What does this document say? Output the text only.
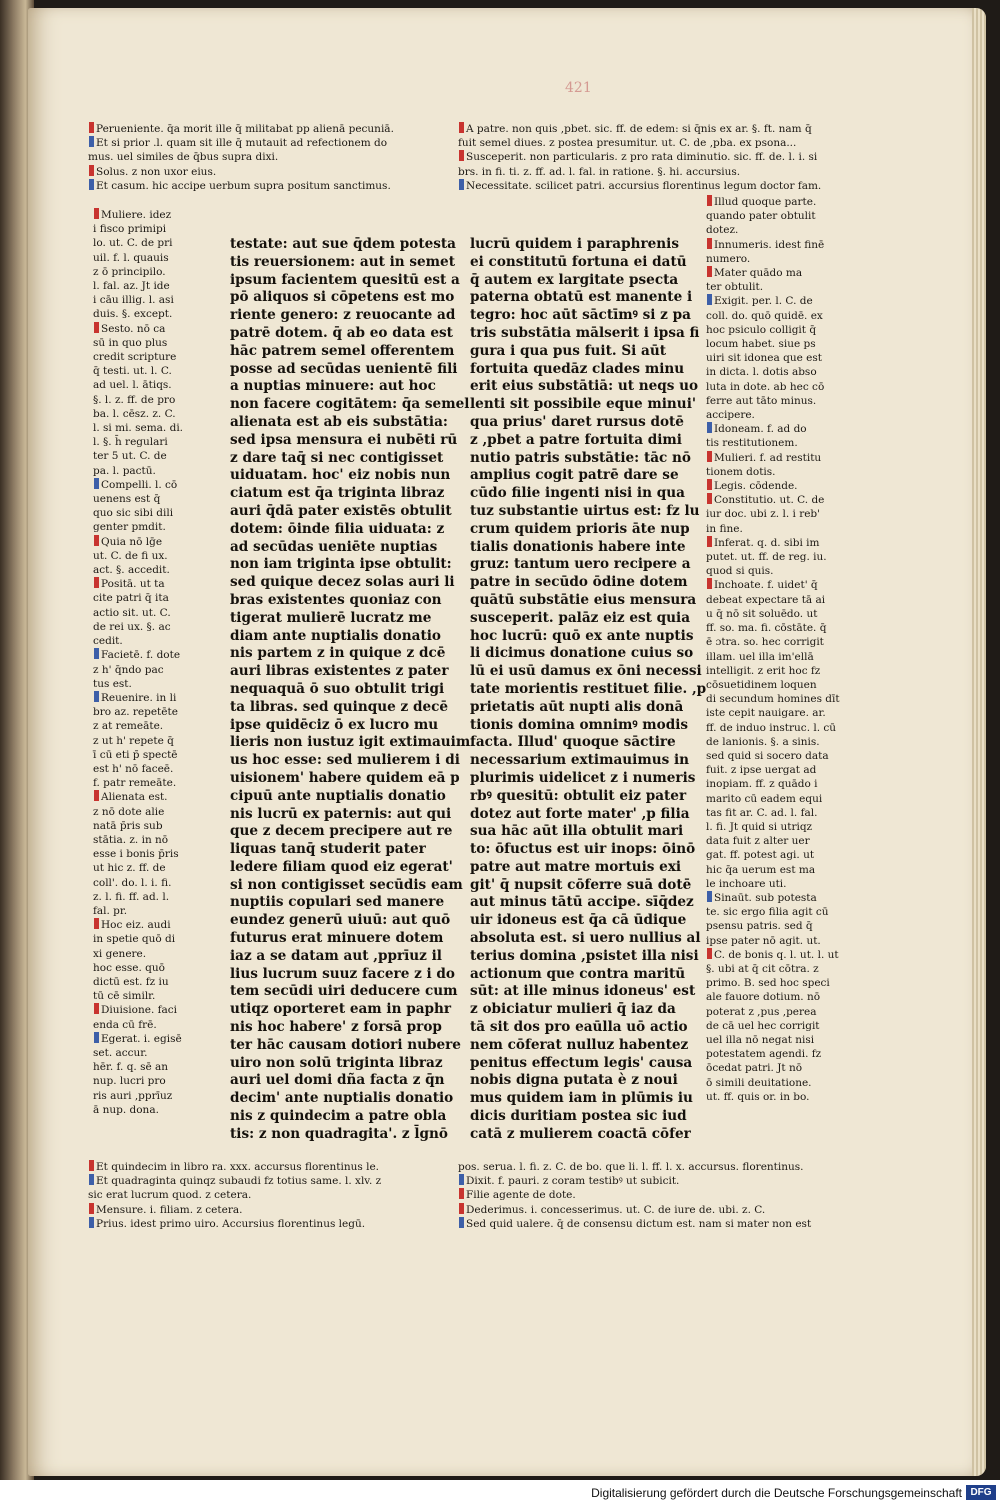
421

Perueniente. q̄a morit ille q̄ militabat pp alienā pecuniā.

Et si prior .l. quam sit ille q̄ mutauit ad refectionem do

mus. uel similes de q̄bus supra dixi.

Solus. z non uxor eius.

Et casum. hic accipe uerbum supra positum sanctimus.

A patre. non quis ,pbet. sic. ff. de edem: si q̄nis ex ar. §. ft. nam q̄

fuit semel diues. z postea presumitur. ut. C. de ,pba. ex psona...

Susceperit. non particularis. z pro rata diminutio. sic. ff. de. l. i. si

brs. in fi. ti. z. ff. ad. l. fal. in ratione. §. hi. accursius.

Necessitate. scilicet patri. accursius florentinus legum doctor fam.

Muliere. idez

i fisco primipi

lo. ut. C. de pri

uil. f. l. quauis

z ō principilo.

l. fal. az. Jt ide

i cāu illig. l. asi

duis. §. except.

Sesto. nō ca

sū in quo plus

credit scripture

q̄ testi. ut. l. C.

ad uel. l. ātiqs.

§. l. z. ff. de pro

ba. l. cēsz. z. C.

l. si mi. sema. di.

l. §. h̄ regulari

ter 5 ut. C. de

pa. l. pactū.

Compelli. l. cō

uenens est q̄

quo sic sibi dili

genter pmdit.

Quia nō lḡe

ut. C. de fi ux.

act. §. accedit.

Positā. ut ta

cite patri q̄ ita

actio sit. ut. C.

de rei ux. §. ac

cedit.

Facietē. f. dote

z h' q̄ndo pac

tus est.

Reuenire. in li

bro az. repetēte

z at remeāte.

z ut h' repete q̄

ī cū eti p̄ spectē

est h' nō faceē.

f. patr remeāte.

Alienata est.

z nō dote alie

natā p̄ris sub

stātia. z. in nō

esse i bonis p̄ris

ut hic z. ff. de

coll'. do. l. i. fi.

z. l. fi. ff. ad. l.

fal. pr.

Hoc eiz. audi

in spetie quō di

xi genere.

hoc esse. quō

dictū est. fz iu

tū cē similr.

Diuisione. faci

enda cū frē.

Egerat. i. egisē

set. accur.

hēr. f. q. sē an

nup. lucri pro

ris auri ,pprīuz

ā nup. dona.

testate: aut sue q̄dem potesta

tis reuersionem: aut in semet

ipsum facientem quesitū est a

pō aliquos si cōpetens est mo

riente genero: z reuocante ad

patrē dotem. q̄ ab eo data est

hāc patrem semel offerentem

posse ad secūdas uenientē fili

a nuptias minuere: aut hoc

non facere cogitātem: q̄a semel

alienata est ab eis substātia:

sed ipsa mensura ei nubēti rū

z dare taq̄ si nec contigisset

uiduatam. hoc' eiz nobis nun

ciatum est q̄a triginta libraz

auri q̄dā pater existēs obtulit

dotem: ōinde filia uiduata: z

ad secūdas ueniēte nuptias

non iam triginta ipse obtulit:

sed quique decez solas auri li

bras existentes quoniaz con

tigerat mulierē lucratz me

diam ante nuptialis donatio

nis partem z in quique z dcē

auri libras existentes z pater

nequaquā ō suo obtulit trigi

ta libras. sed quinque z decē

ipse quidēciz ō ex lucro mu

lieris non iustuz igit extimauim

us hoc esse: sed mulierem i di

uisionem' habere quidem eā p

cipuū ante nuptialis donatio

nis lucrū ex paternis: aut qui

que z decem precipere aut re

liquas tanq̄ studerit pater

ledere filiam quod eiz egerat'

si non contigisset secūdis eam

nuptiis copulari sed manere

eundez generū uiuū: aut quō

futurus erat minuere dotem

iaz a se datam aut ,pprīuz il

lius lucrum suuz facere z i do

tem secūdi uiri deducere cum

utiqz oporteret eam in paphr

nis hoc habere' z forsā prop

ter hāc causam dotiori nubere

uiro non solū triginta libraz

auri uel domi dña facta z q̄n

decim' ante nuptialis donatio

nis z quindecim a patre obla

tis: z non quadragita'. z l̄gnō

lucrū quidem i paraphrenis

ei constitutū fortuna ei datū

q̄ autem ex largitate psecta

paterna obtatū est manente i

tegro: hoc aūt sāctīmꝰ si z pa

tris substātia mālserit i ipsa fi

gura i qua pus fuit. Si aūt

fortuita quedāz clades minu

erit eius substātiā: ut neqs uo

lenti sit possibile eque minui'

qua prius' daret rursus dotē

z ,pbet a patre fortuita dimi

nutio patris substātie: tāc nō

amplius cogit patrē dare se

cūdo filie ingenti nisi in qua

tuz substantie uirtus est: fz lu

crum quidem prioris āte nup

tialis donationis habere inte

gruz: tantum uero recipere a

patre in secūdo ōdine dotem

quātū substātie eius mensura

susceperit. palāz eiz est quia

hoc lucrū: quō ex ante nuptis

li dicimus donatione cuius so

lū ei usū damus ex ōni necessi

tate morientis restituet filie. ,p

prietatis aūt nupti alis donā

tionis domina omnimꝰ modis

facta. Illud' quoque sāctire

necessarium extimauimus in

plurimis uidelicet z i numeris

rbꝰ quesitū: obtulit eiz pater

dotez aut forte mater' ,p filia

sua hāc aūt illa obtulit mari

to: ōfuctus est uir inops: ōinō

patre aut matre mortuis exi

git' q̄ nupsit cōferre suā dotē

aut minus tātū accipe. sīq̄dez

uir idoneus est q̄a cā ūdique

absoluta est. si uero nullius al

terius domina ,psistet illa nisi

actionum que contra maritū

sūt: at ille minus idoneus' est

z obiciatur mulieri q̄ iaz da

tā sit dos pro eaūlla uō actio

nem cōferat nulluz habentez

penitus effectum legis' causa

nobis digna putata è z noui

mus quidem iam in plūmis iu

dicis duritiam postea sic iud

catā z mulierem coactā cōfer

Illud quoque parte.

quando pater obtulit

dotez.

Innumeris. idest finē

numero.

Mater quādo ma

ter obtulit.

Exigit. per. l. C. de

coll. do. quō quidē. ex

hoc psiculo colligit q̄

locum habet. siue ps

uiri sit idonea que est

in dicta. l. dotis abso

luta in dote. ab hec cō

ferre aut tāto minus.

accipere.

Idoneam. f. ad do

tis restitutionem.

Mulieri. f. ad restitu

tionem dotis.

Legis. cōdende.

Constitutio. ut. C. de

iur doc. ubi z. l. i reb'

in fine.

Inferat. q. d. sibi im

putet. ut. ff. de reg. iu.

quod si quis.

Inchoate. f. uidet' q̄

debeat expectare tā ai

u q̄ nō sit soluēdo. ut

ff. so. ma. fi. cōstāte. q̄

ē ɔtra. so. hec corrigit

illam. uel illa im'ellā

intelligit. z erit hoc fz

cōsuetidinem loquen

di secundum homines dīt

iste cepit nauigare. ar.

ff. de induo instruc. l. cū

de lanionis. §. a sinis.

sed quid si socero data

fuit. z ipse uergat ad

inopiam. ff. z quādo i

marito cū eadem equi

tas fit ar. C. ad. l. fal.

l. fi. Jt quid si utriqz

data fuit z alter uer

gat. ff. potest agi. ut

hic q̄a uerum est ma

le inchoare uti.

Sinaūt. sub potesta

te. sic ergo filia agit cū

psensu patris. sed q̄

ipse pater nō agit. ut.

C. de bonis q. l. ut. l. ut

§. ubi at q̄ cit cōtra. z

primo. B. sed hoc speci

ale fauore dotium. nō

poterat z ,pus ,perea

de cā uel hec corrigit

uel illa nō negat nisi

potestatem agendi. fz

ōcedat patri. Jt nō

ō simili deuitatione.

ut. ff. quis or. in bo.

Et quindecim in libro ra. xxx. accursus florentinus le.

Et quadraginta quinqz subaudi fz totius same. l. xlv. z

sic erat lucrum quod. z cetera.

Mensure. i. filiam. z cetera.

Prius. idest primo uiro. Accursius florentinus legū.

pos. serua. l. fi. z. C. de bo. que li. l. ff. l. x. accursus. florentinus.

Dixit. f. pauri. z coram testibꝰ ut subicit.

Filie agente de dote.

Dederimus. i. concesserimus. ut. C. de iure de. ubi. z. C.

Sed quid ualere. q̄ de consensu dictum est. nam si mater non est

Digitalisierung gefördert durch die Deutsche Forschungsgemeinschaft DFG
